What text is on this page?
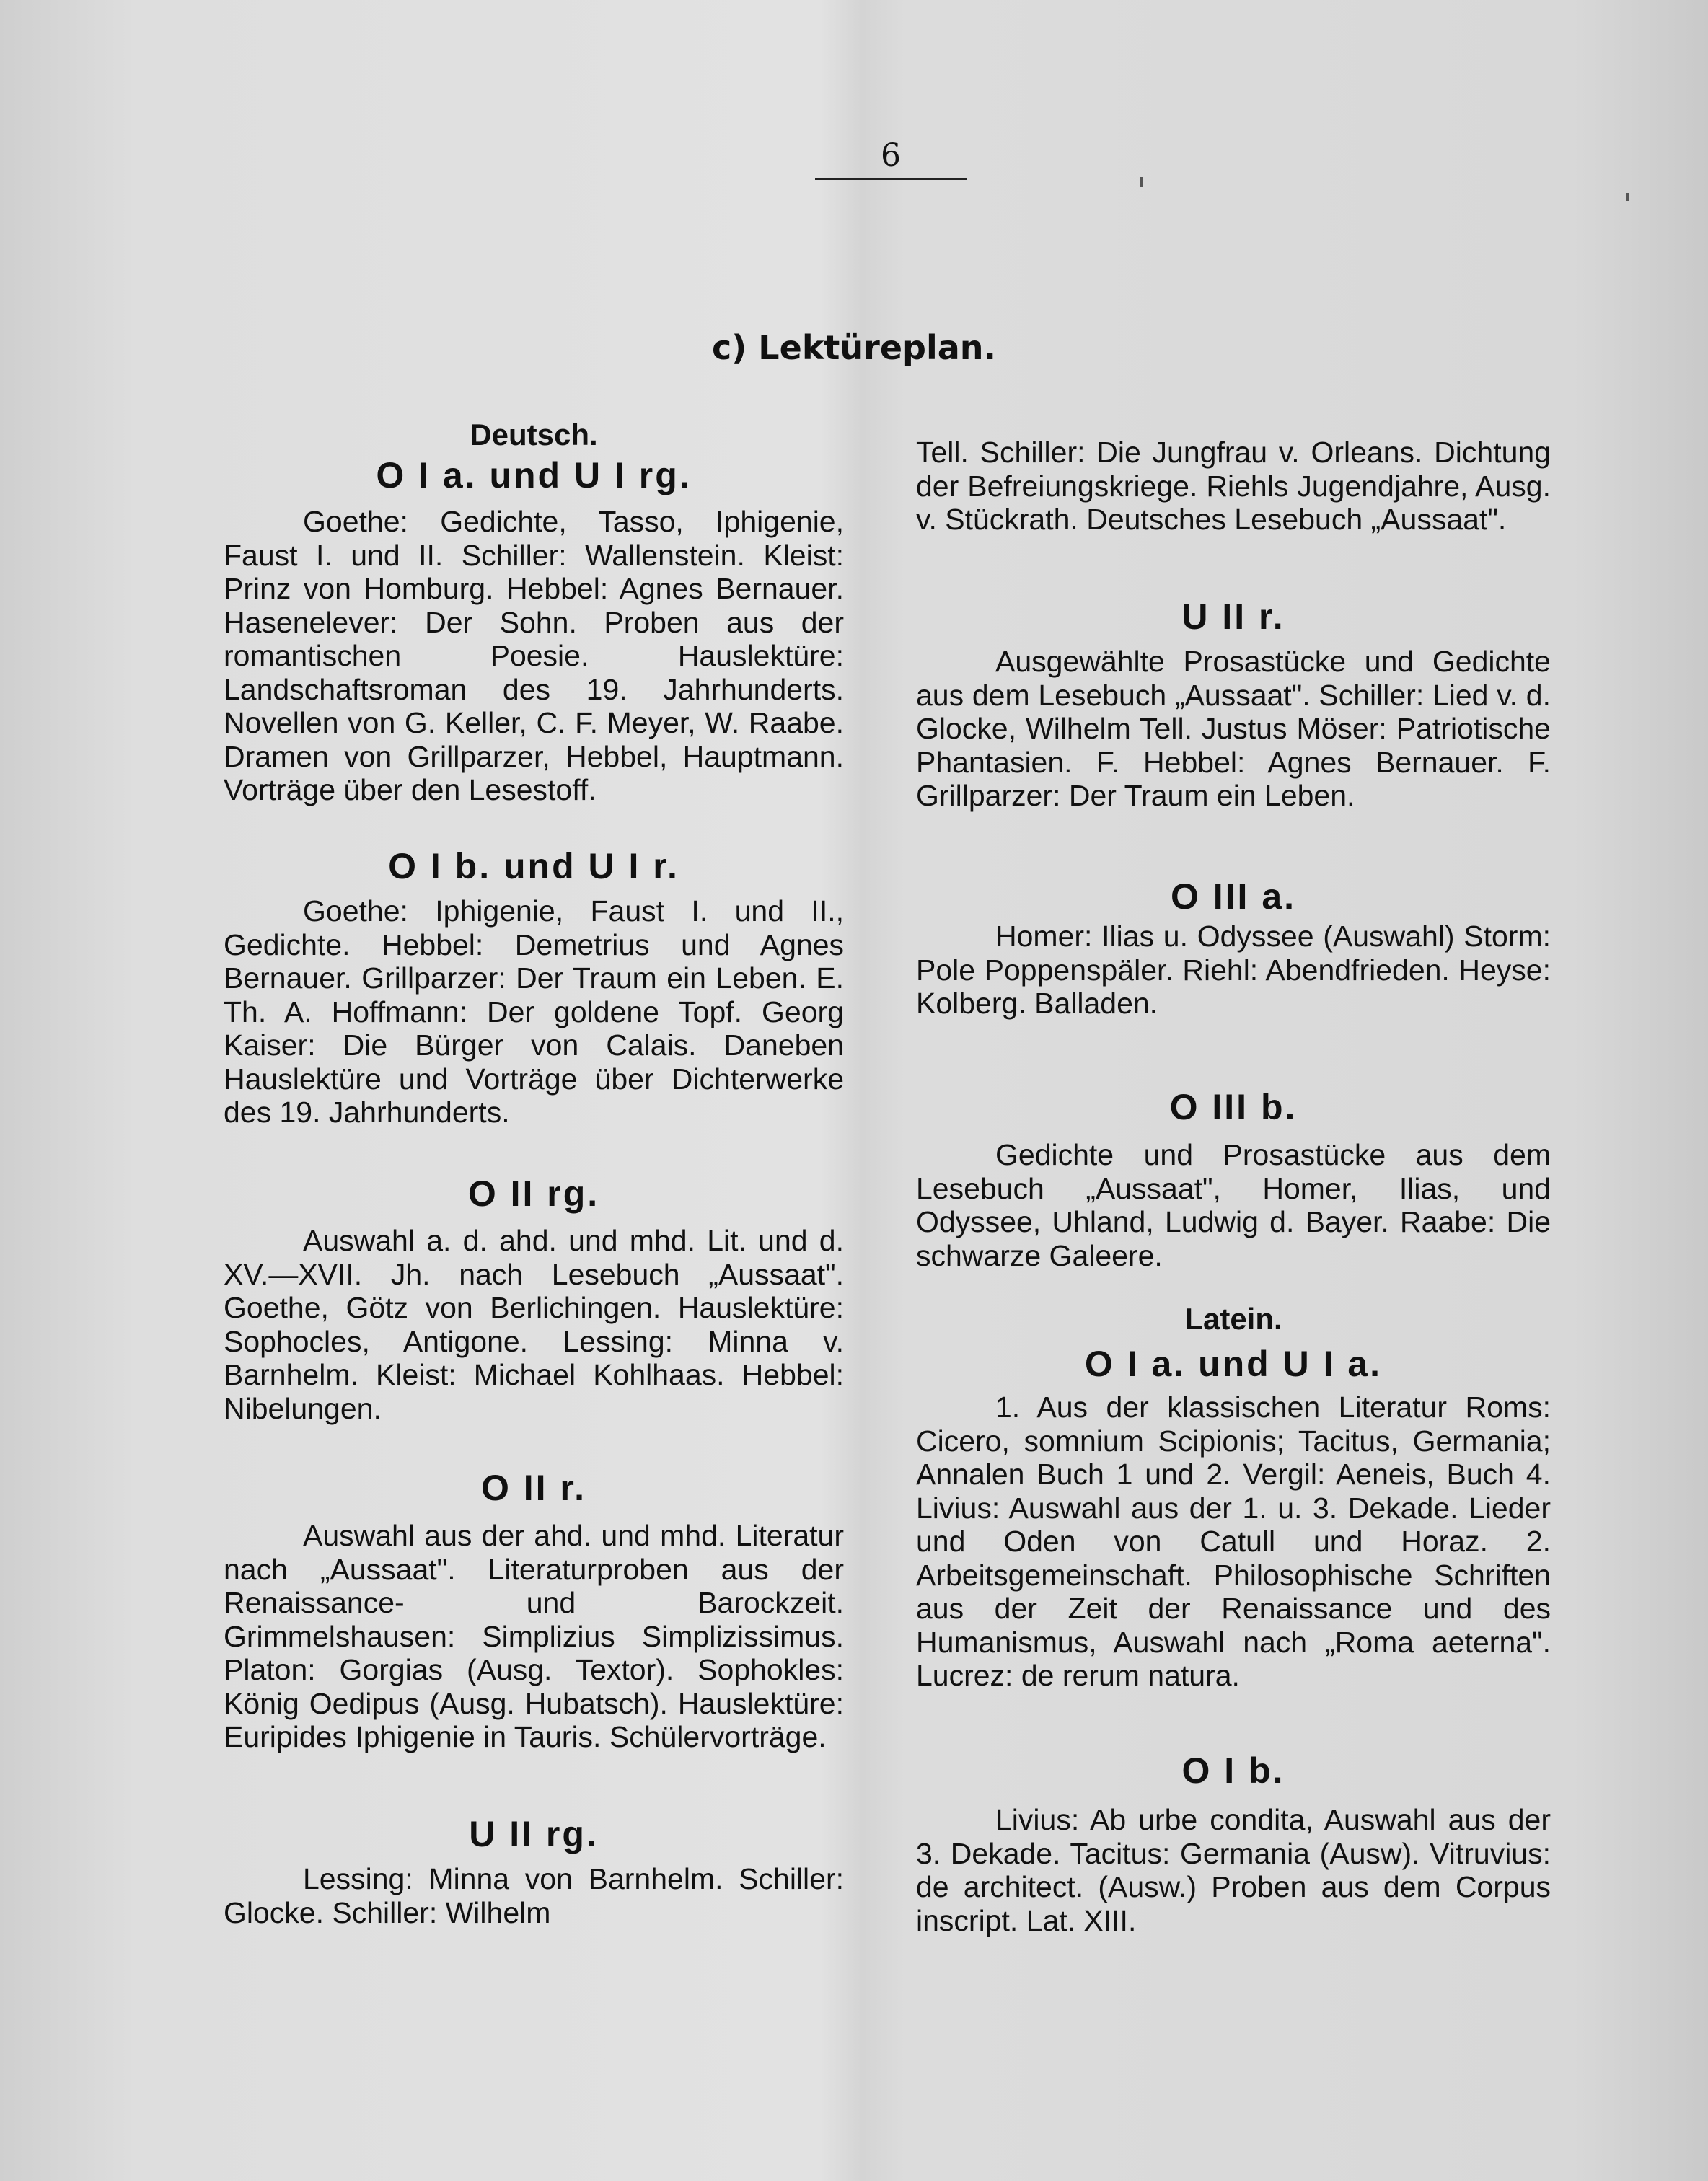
6
c) Lektüreplan.
Deutsch.
O I a. und U I rg.
Goethe: Gedichte, Tasso, Iphigenie, Faust I. und II. Schiller: Wallenstein. Kleist: Prinz von Homburg. Hebbel: Agnes Bernauer. Hasenelever: Der Sohn. Proben aus der romantischen Poesie. Hauslektüre: Landschaftsroman des 19. Jahrhunderts. Novellen von G. Keller, C. F. Meyer, W. Raabe. Dramen von Grillparzer, Hebbel, Hauptmann. Vorträge über den Lesestoff.
O I b. und U I r.
Goethe: Iphigenie, Faust I. und II., Gedichte. Hebbel: Demetrius und Agnes Bernauer. Grillparzer: Der Traum ein Leben. E. Th. A. Hoffmann: Der goldene Topf. Georg Kaiser: Die Bürger von Calais. Daneben Hauslektüre und Vorträge über Dichterwerke des 19. Jahrhunderts.
O II rg.
Auswahl a. d. ahd. und mhd. Lit. und d. XV.—XVII. Jh. nach Lesebuch „Aussaat". Goethe, Götz von Berlichingen. Hauslektüre: Sophocles, Antigone. Lessing: Minna v. Barnhelm. Kleist: Michael Kohlhaas. Hebbel: Nibelungen.
O II r.
Auswahl aus der ahd. und mhd. Literatur nach „Aussaat". Literaturproben aus der Renaissance- und Barockzeit. Grimmelshausen: Simplizius Simplizissimus. Platon: Gorgias (Ausg. Textor). Sophokles: König Oedipus (Ausg. Hubatsch). Hauslektüre: Euripides Iphigenie in Tauris. Schülervorträge.
U II rg.
Lessing: Minna von Barnhelm. Schiller: Glocke. Schiller: Wilhelm
Tell. Schiller: Die Jungfrau v. Orleans. Dichtung der Befreiungskriege. Riehls Jugendjahre, Ausg. v. Stückrath. Deutsches Lesebuch „Aussaat".
U II r.
Ausgewählte Prosastücke und Gedichte aus dem Lesebuch „Aussaat". Schiller: Lied v. d. Glocke, Wilhelm Tell. Justus Möser: Patriotische Phantasien. F. Hebbel: Agnes Bernauer. F. Grillparzer: Der Traum ein Leben.
O III a.
Homer: Ilias u. Odyssee (Auswahl) Storm: Pole Poppenspäler. Riehl: Abendfrieden. Heyse: Kolberg. Balladen.
O III b.
Gedichte und Prosastücke aus dem Lesebuch „Aussaat", Homer, Ilias, und Odyssee, Uhland, Ludwig d. Bayer. Raabe: Die schwarze Galeere.
Latein.
O I a. und U I a.
1. Aus der klassischen Literatur Roms: Cicero, somnium Scipionis; Tacitus, Germania; Annalen Buch 1 und 2. Vergil: Aeneis, Buch 4. Livius: Auswahl aus der 1. u. 3. Dekade. Lieder und Oden von Catull und Horaz. 2. Arbeitsgemeinschaft. Philosophische Schriften aus der Zeit der Renaissance und des Humanismus, Auswahl nach „Roma aeterna". Lucrez: de rerum natura.
O I b.
Livius: Ab urbe condita, Auswahl aus der 3. Dekade. Tacitus: Germania (Ausw). Vitruvius: de architect. (Ausw.) Proben aus dem Corpus inscript. Lat. XIII.
